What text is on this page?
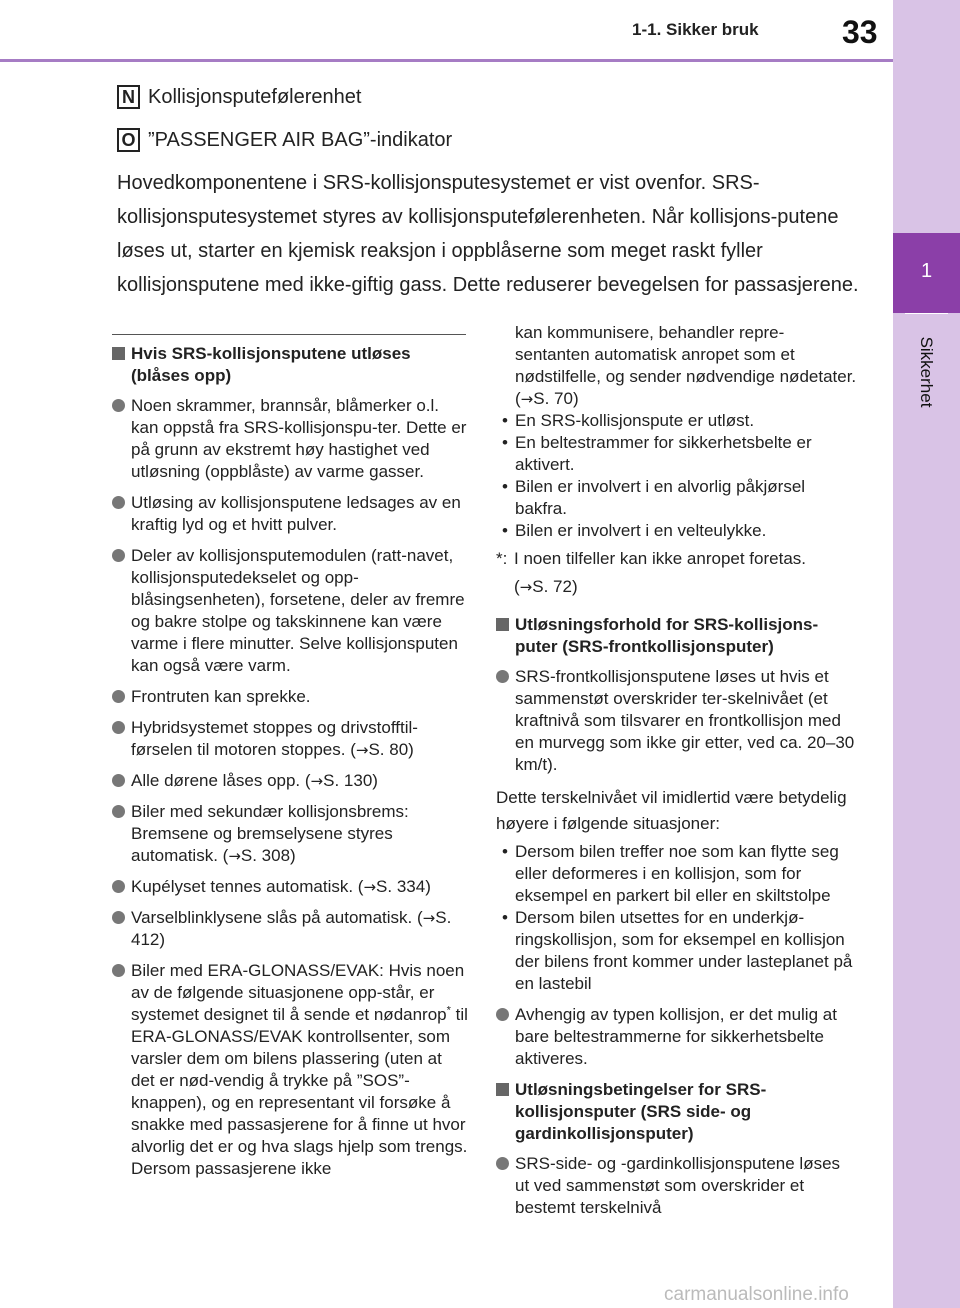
1-1. Sikker bruk	33
1
Sikkerhet
N Kollisjonsputefølerenhet
O ”PASSENGER AIR BAG”-indikator
Hovedkomponentene i SRS-kollisjonsputesystemet er vist ovenfor. SRS-kollisjonsputesystemet styres av kollisjonsputefølerenheten. Når kollisjons-putene løses ut, starter en kjemisk reaksjon i oppblåserne som meget raskt fyller kollisjonsputene med ikke-giftig gass. Dette reduserer bevegelsen for passasjerene.
Hvis SRS-kollisjonsputene utløses (blåses opp)
Noen skrammer, brannsår, blåmerker o.l. kan oppstå fra SRS-kollisjonspu-ter. Dette er på grunn av ekstremt høy hastighet ved utløsning (oppblåste) av varme gasser.
Utløsing av kollisjonsputene ledsages av en kraftig lyd og et hvitt pulver.
Deler av kollisjonsputemodulen (ratt-navet, kollisjonsputedekselet og opp-blåsingsenheten), forsetene, deler av fremre og bakre stolpe og takskinnene kan være varme i flere minutter. Selve kollisjonsputen kan også være varm.
Frontruten kan sprekke.
Hybridsystemet stoppes og drivstofftil-førselen til motoren stoppes. (→S. 80)
Alle dørene låses opp. (→S. 130)
Biler med sekundær kollisjonsbrems: Bremsene og bremselysene styres automatisk. (→S. 308)
Kupélyset tennes automatisk. (→S. 334)
Varselblinklysene slås på automatisk. (→S. 412)
Biler med ERA-GLONASS/EVAK: Hvis noen av de følgende situasjonene opp-står, er systemet designet til å sende et nødanrop* til ERA-GLONASS/EVAK kontrollsenter, som varsler dem om bilens plassering (uten at det er nød-vendig å trykke på ”SOS”-knappen), og en representant vil forsøke å snakke med passasjerene for å finne ut hvor alvorlig det er og hva slags hjelp som trengs. Dersom passasjerene ikke
kan kommunisere, behandler repre-sentanten automatisk anropet som et nødstilfelle, og sender nødvendige nødetater. (→S. 70)
• En SRS-kollisjonspute er utløst.
• En beltestrammer for sikkerhetsbelte er aktivert.
• Bilen er involvert i en alvorlig påkjørsel bakfra.
• Bilen er involvert i en velteulykke.
*: I noen tilfeller kan ikke anropet foretas.
(→S. 72)
Utløsningsforhold for SRS-kollisjons-puter (SRS-frontkollisjonsputer)
SRS-frontkollisjonsputene løses ut hvis et sammenstøt overskrider ter-skelnivået (et kraftnivå som tilsvarer en frontkollisjon med en murvegg som ikke gir etter, ved ca. 20–30 km/t).
Dette terskelnivået vil imidlertid være betydelig høyere i følgende situasjoner:
• Dersom bilen treffer noe som kan flytte seg eller deformeres i en kollisjon, som for eksempel en parkert bil eller en skiltstolpe
• Dersom bilen utsettes for en underkjø-ringskollisjon, som for eksempel en kollisjon der bilens front kommer under lasteplanet på en lastebil
Avhengig av typen kollisjon, er det mulig at bare beltestrammerne for sikkerhetsbelte aktiveres.
Utløsningsbetingelser for SRS-kollisjonsputer (SRS side- og gardinkollisjonsputer)
SRS-side- og -gardinkollisjonsputene løses ut ved sammenstøt som overskrider et bestemt terskelnivå
carmanualsonline.info
